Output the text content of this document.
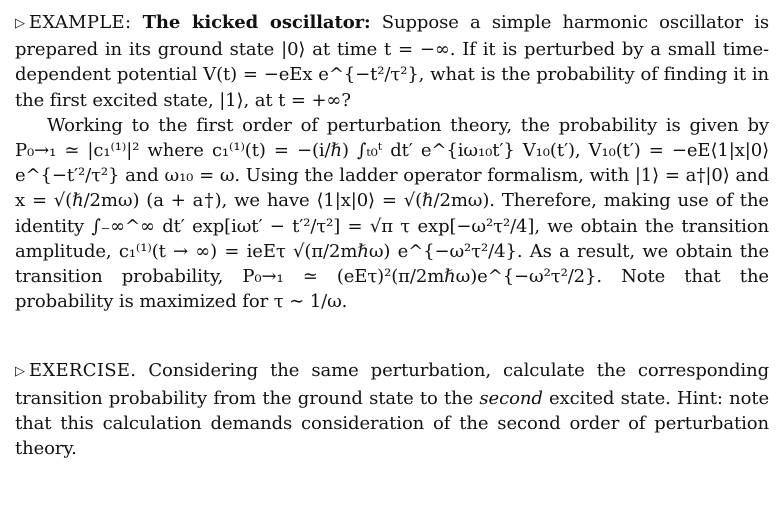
▷ EXAMPLE: The kicked oscillator: Suppose a simple harmonic oscillator is prepared in its ground state |0⟩ at time t = −∞. If it is perturbed by a small time-dependent potential V(t) = −eEx e^{−t²/τ²}, what is the probability of finding it in the first excited state, |1⟩, at t = +∞?

Working to the first order of perturbation theory, the probability is given by P₀→₁ ≃ |c₁⁽¹⁾|² where c₁⁽¹⁾(t) = −(i/ℏ) ∫ₜ₀ᵗ dt′ e^{iω₁₀t′} V₁₀(t′), V₁₀(t′) = −eE⟨1|x|0⟩e^{−t′²/τ²} and ω₁₀ = ω. Using the ladder operator formalism, with |1⟩ = a†|0⟩ and x = √(ℏ/2mω) (a + a†), we have ⟨1|x|0⟩ = √(ℏ/2mω). Therefore, making use of the identity ∫₋∞^∞ dt′ exp[iωt′ − t′²/τ²] = √π τ exp[−ω²τ²/4], we obtain the transition amplitude, c₁⁽¹⁾(t → ∞) = ieEτ √(π/2mℏω) e^{−ω²τ²/4}. As a result, we obtain the transition probability, P₀→₁ ≃ (eEτ)²(π/2mℏω)e^{−ω²τ²/2}. Note that the probability is maximized for τ ∼ 1/ω.

▷ EXERCISE. Considering the same perturbation, calculate the corresponding transition probability from the ground state to the second excited state. Hint: note that this calculation demands consideration of the second order of perturbation theory.
